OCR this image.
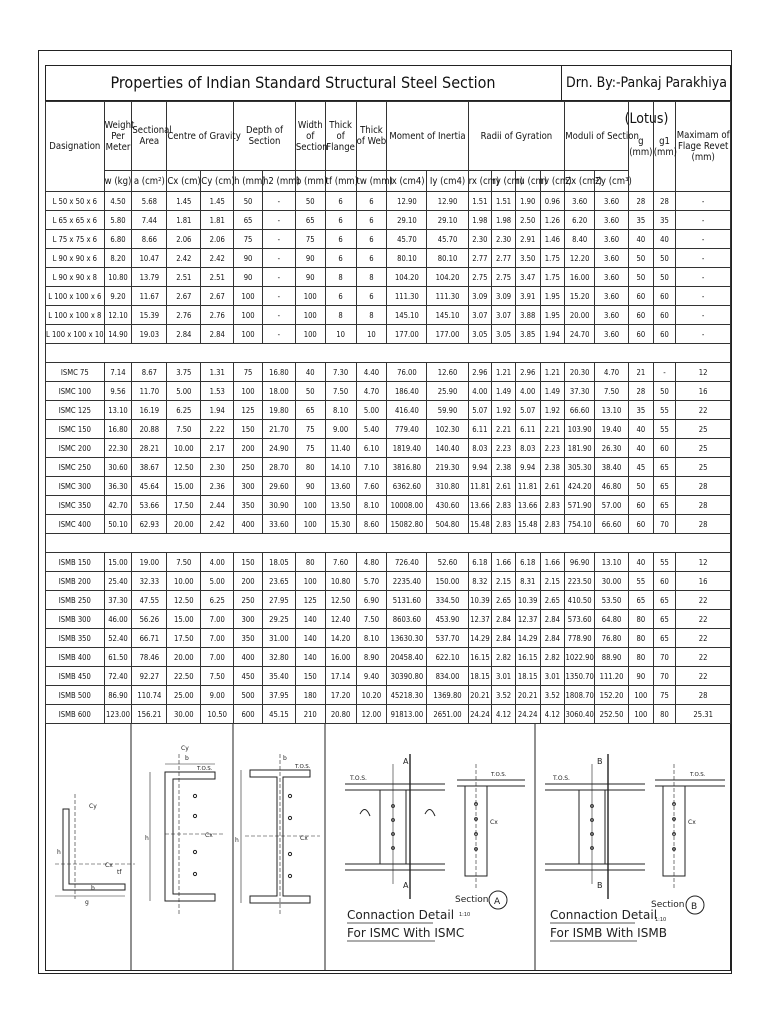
Properties of Indian Standard Structural Steel Section	Drn. By:-Pankaj Parakhiya (Lotus)
Dasignation	Weight Per Meter	Sectional Area	Centre of Gravity		Depth of Section		Width of Section	Thick of Flange	Thick of Web	Moment of Inertia		Radii of Gyration				Moduli of Section		g (mm)	g1 (mm)	Maximam of Flage Revet (mm)

	w (kg)	a (cm²)	Cx (cm)	Cy (cm)	h (mm)	h2 (mm)	b (mm)	tf (mm)	tw (mm)	Ix (cm4)	Iy (cm4)	rx (cm)	ry (cm)	ru (cm)	rv (cm)	Zx (cm³)	Zy (cm³)			
L 50 x 50 x 6	4.50	5.68	1.45	1.45	50	-	50	6	6	12.90	12.90	1.51	1.51	1.90	0.96	3.60	3.60	28	28	-
L 65 x 65 x 6	5.80	7.44	1.81	1.81	65	-	65	6	6	29.10	29.10	1.98	1.98	2.50	1.26	6.20	3.60	35	35	-
L 75 x 75 x 6	6.80	8.66	2.06	2.06	75	-	75	6	6	45.70	45.70	2.30	2.30	2.91	1.46	8.40	3.60	40	40	-
L 90 x 90 x 6	8.20	10.47	2.42	2.42	90	-	90	6	6	80.10	80.10	2.77	2.77	3.50	1.75	12.20	3.60	50	50	-
L 90 x 90 x 8	10.80	13.79	2.51	2.51	90	-	90	8	8	104.20	104.20	2.75	2.75	3.47	1.75	16.00	3.60	50	50	-
L 100 x 100 x 6	9.20	11.67	2.67	2.67	100	-	100	6	6	111.30	111.30	3.09	3.09	3.91	1.95	15.20	3.60	60	60	-
L 100 x 100 x 8	12.10	15.39	2.76	2.76	100	-	100	8	8	145.10	145.10	3.07	3.07	3.88	1.95	20.00	3.60	60	60	-
L 100 x 100 x 10	14.90	19.03	2.84	2.84	100	-	100	10	10	177.00	177.00	3.05	3.05	3.85	1.94	24.70	3.60	60	60	-

ISMC 75	7.14	8.67	3.75	1.31	75	16.80	40	7.30	4.40	76.00	12.60	2.96	1.21	2.96	1.21	20.30	4.70	21	-	12
ISMC 100	9.56	11.70	5.00	1.53	100	18.00	50	7.50	4.70	186.40	25.90	4.00	1.49	4.00	1.49	37.30	7.50	28	50	16
ISMC 125	13.10	16.19	6.25	1.94	125	19.80	65	8.10	5.00	416.40	59.90	5.07	1.92	5.07	1.92	66.60	13.10	35	55	22
ISMC 150	16.80	20.88	7.50	2.22	150	21.70	75	9.00	5.40	779.40	102.30	6.11	2.21	6.11	2.21	103.90	19.40	40	55	25
ISMC 200	22.30	28.21	10.00	2.17	200	24.90	75	11.40	6.10	1819.40	140.40	8.03	2.23	8.03	2.23	181.90	26.30	40	60	25
ISMC 250	30.60	38.67	12.50	2.30	250	28.70	80	14.10	7.10	3816.80	219.30	9.94	2.38	9.94	2.38	305.30	38.40	45	65	25
ISMC 300	36.30	45.64	15.00	2.36	300	29.60	90	13.60	7.60	6362.60	310.80	11.81	2.61	11.81	2.61	424.20	46.80	50	65	28
ISMC 350	42.70	53.66	17.50	2.44	350	30.90	100	13.50	8.10	10008.00	430.60	13.66	2.83	13.66	2.83	571.90	57.00	60	65	28
ISMC 400	50.10	62.93	20.00	2.42	400	33.60	100	15.30	8.60	15082.80	504.80	15.48	2.83	15.48	2.83	754.10	66.60	60	70	28

ISMB 150	15.00	19.00	7.50	4.00	150	18.05	80	7.60	4.80	726.40	52.60	6.18	1.66	6.18	1.66	96.90	13.10	40	55	12
ISMB 200	25.40	32.33	10.00	5.00	200	23.65	100	10.80	5.70	2235.40	150.00	8.32	2.15	8.31	2.15	223.50	30.00	55	60	16
ISMB 250	37.30	47.55	12.50	6.25	250	27.95	125	12.50	6.90	5131.60	334.50	10.39	2.65	10.39	2.65	410.50	53.50	65	65	22
ISMB 300	46.00	56.26	15.00	7.00	300	29.25	140	12.40	7.50	8603.60	453.90	12.37	2.84	12.37	2.84	573.60	64.80	80	65	22
ISMB 350	52.40	66.71	17.50	7.00	350	31.00	140	14.20	8.10	13630.30	537.70	14.29	2.84	14.29	2.84	778.90	76.80	80	65	22
ISMB 400	61.50	78.46	20.00	7.00	400	32.80	140	16.00	8.90	20458.40	622.10	16.15	2.82	16.15	2.82	1022.90	88.90	80	70	22
ISMB 450	72.40	92.27	22.50	7.50	450	35.40	150	17.14	9.40	30390.80	834.00	18.15	3.01	18.15	3.01	1350.70	111.20	90	70	22
ISMB 500	86.90	110.74	25.00	9.00	500	37.95	180	17.20	10.20	45218.30	1369.80	20.21	3.52	20.21	3.52	1808.70	152.20	100	75	28
ISMB 600	123.00	156.21	30.00	10.50	600	45.15	210	20.80	12.00	91813.00	2651.00	24.24	4.12	24.24	4.12	3060.40	252.50	100	80	25.31
Cy
Cx
g
h
b
tf
b
T.O.S.
h	Cx
Cy
b
T.O.S.
h	Cx
T.O.S.
A
A
Connaction Detail
For ISMC With ISMC
T.O.S.
Cx
Section A
1:10
T.O.S.
B
B
Connaction Detail
For ISMB With ISMB
T.O.S.
Cx
Section B
1:10
